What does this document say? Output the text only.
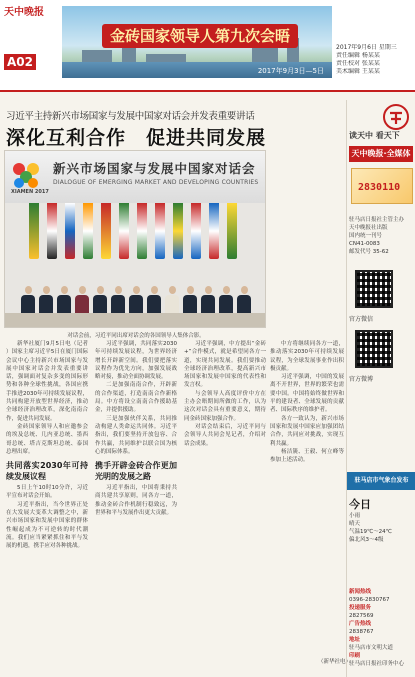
天中晚报
A02
金砖国家领导人第九次会晤
2017年9月3日—5日
2017年9月6日 星期三
责任编辑 杨某某
责任校对 张某某
美术编辑 王某某
习近平主持新兴市场国家与发展中国家对话会并发表重要讲话
深化互利合作　促进共同发展
XIAMEN 2017
新兴市场国家与发展中国家对话会
DIALOGUE OF EMERGING MARKET AND DEVELOPING COUNTRIES
对话会前，习近平同出席对话会的各国领导人集体合影。

新华社厦门9月5日电（记者 ）国家主席习近平5日在厦门国际会议中心主持新兴市场国家与发展中国家对话会并发表重要讲话，强调面对复杂多变的国际形势和各种全球性挑战，各国应携手推进2030年可持续发展议程，共同构建开放型世界经济，推动全球经济治理改革，深化南南合作，促进共同发展。

金砖国家领导人和应邀参会的埃及总统、几内亚总统、墨西哥总统、塔吉克斯坦总统、泰国总理出席。

共同落实2030年可持续发展议程

5日上午10时10分许，习近平宣布对话会开始。

习近平指出，当今世界正处在大发展大变革大调整之中，新兴市场国家和发展中国家的群体性崛起成为不可逆转的时代潮流。我们应当紧紧抓住和平与发展的机遇，携手应对各种挑战。

习近平强调，共同落实2030年可持续发展议程，为世界经济增长开辟新空间。我们要把落实议程作为优先方向，加强发展战略对接，推动全面协调发展。

二是加强南南合作，开辟新的合作渠道，打造南南合作新格局。中方将设立南南合作援助基金，并提供援助。

三是加强伙伴关系，共同推动构建人类命运共同体。习近平指出，我们要坚持开放包容、合作共赢，共同维护以联合国为核心的国际体系。

携手开辟金砖合作更加光明的发展之路

习近平指出，中国将秉持共商共建共享原则，同各方一道，推动金砖合作机制行稳致远，为世界和平与发展作出更大贡献。

习近平强调，中方提出“金砖+”合作模式，就是希望同各方一道，实现共同发展。我们要推动全球经济治理改革，提高新兴市场国家和发展中国家的代表性和发言权。

与会领导人高度评价中方在主办会晤期间所做的工作，认为这次对话会具有重要意义，期待同金砖国家加强合作。

对话会结束后，习近平同与会领导人共同会见记者，介绍对话会成果。

中方将继续同各方一道，推动落实2030年可持续发展议程，为全球发展事业作出积极贡献。

习近平强调，中国的发展离不开世界，世界的繁荣也需要中国。中国将始终做世界和平的建设者、全球发展的贡献者、国际秩序的维护者。

各方一致认为，新兴市场国家和发展中国家应加强团结合作，共同应对挑战，实现互利共赢。

杨洁篪、王毅、何立峰等参加上述活动。

（新华社电）
读天中 看天下
天中晚报·全媒体
2830110
驻马店日报社主管主办
天中晚报社出版
国内统一刊号
CN41-0083
邮发代号 35-62
官方微信
官方微博
驻马店市气象台发布
今日
小雨
晴天
气温19℃～24℃
偏北风3～4级
新闻热线
0396-2830767
投递服务
2827569
广告热线
2838767
地址
驻马店市文明大道
印刷
驻马店日报社印务中心
